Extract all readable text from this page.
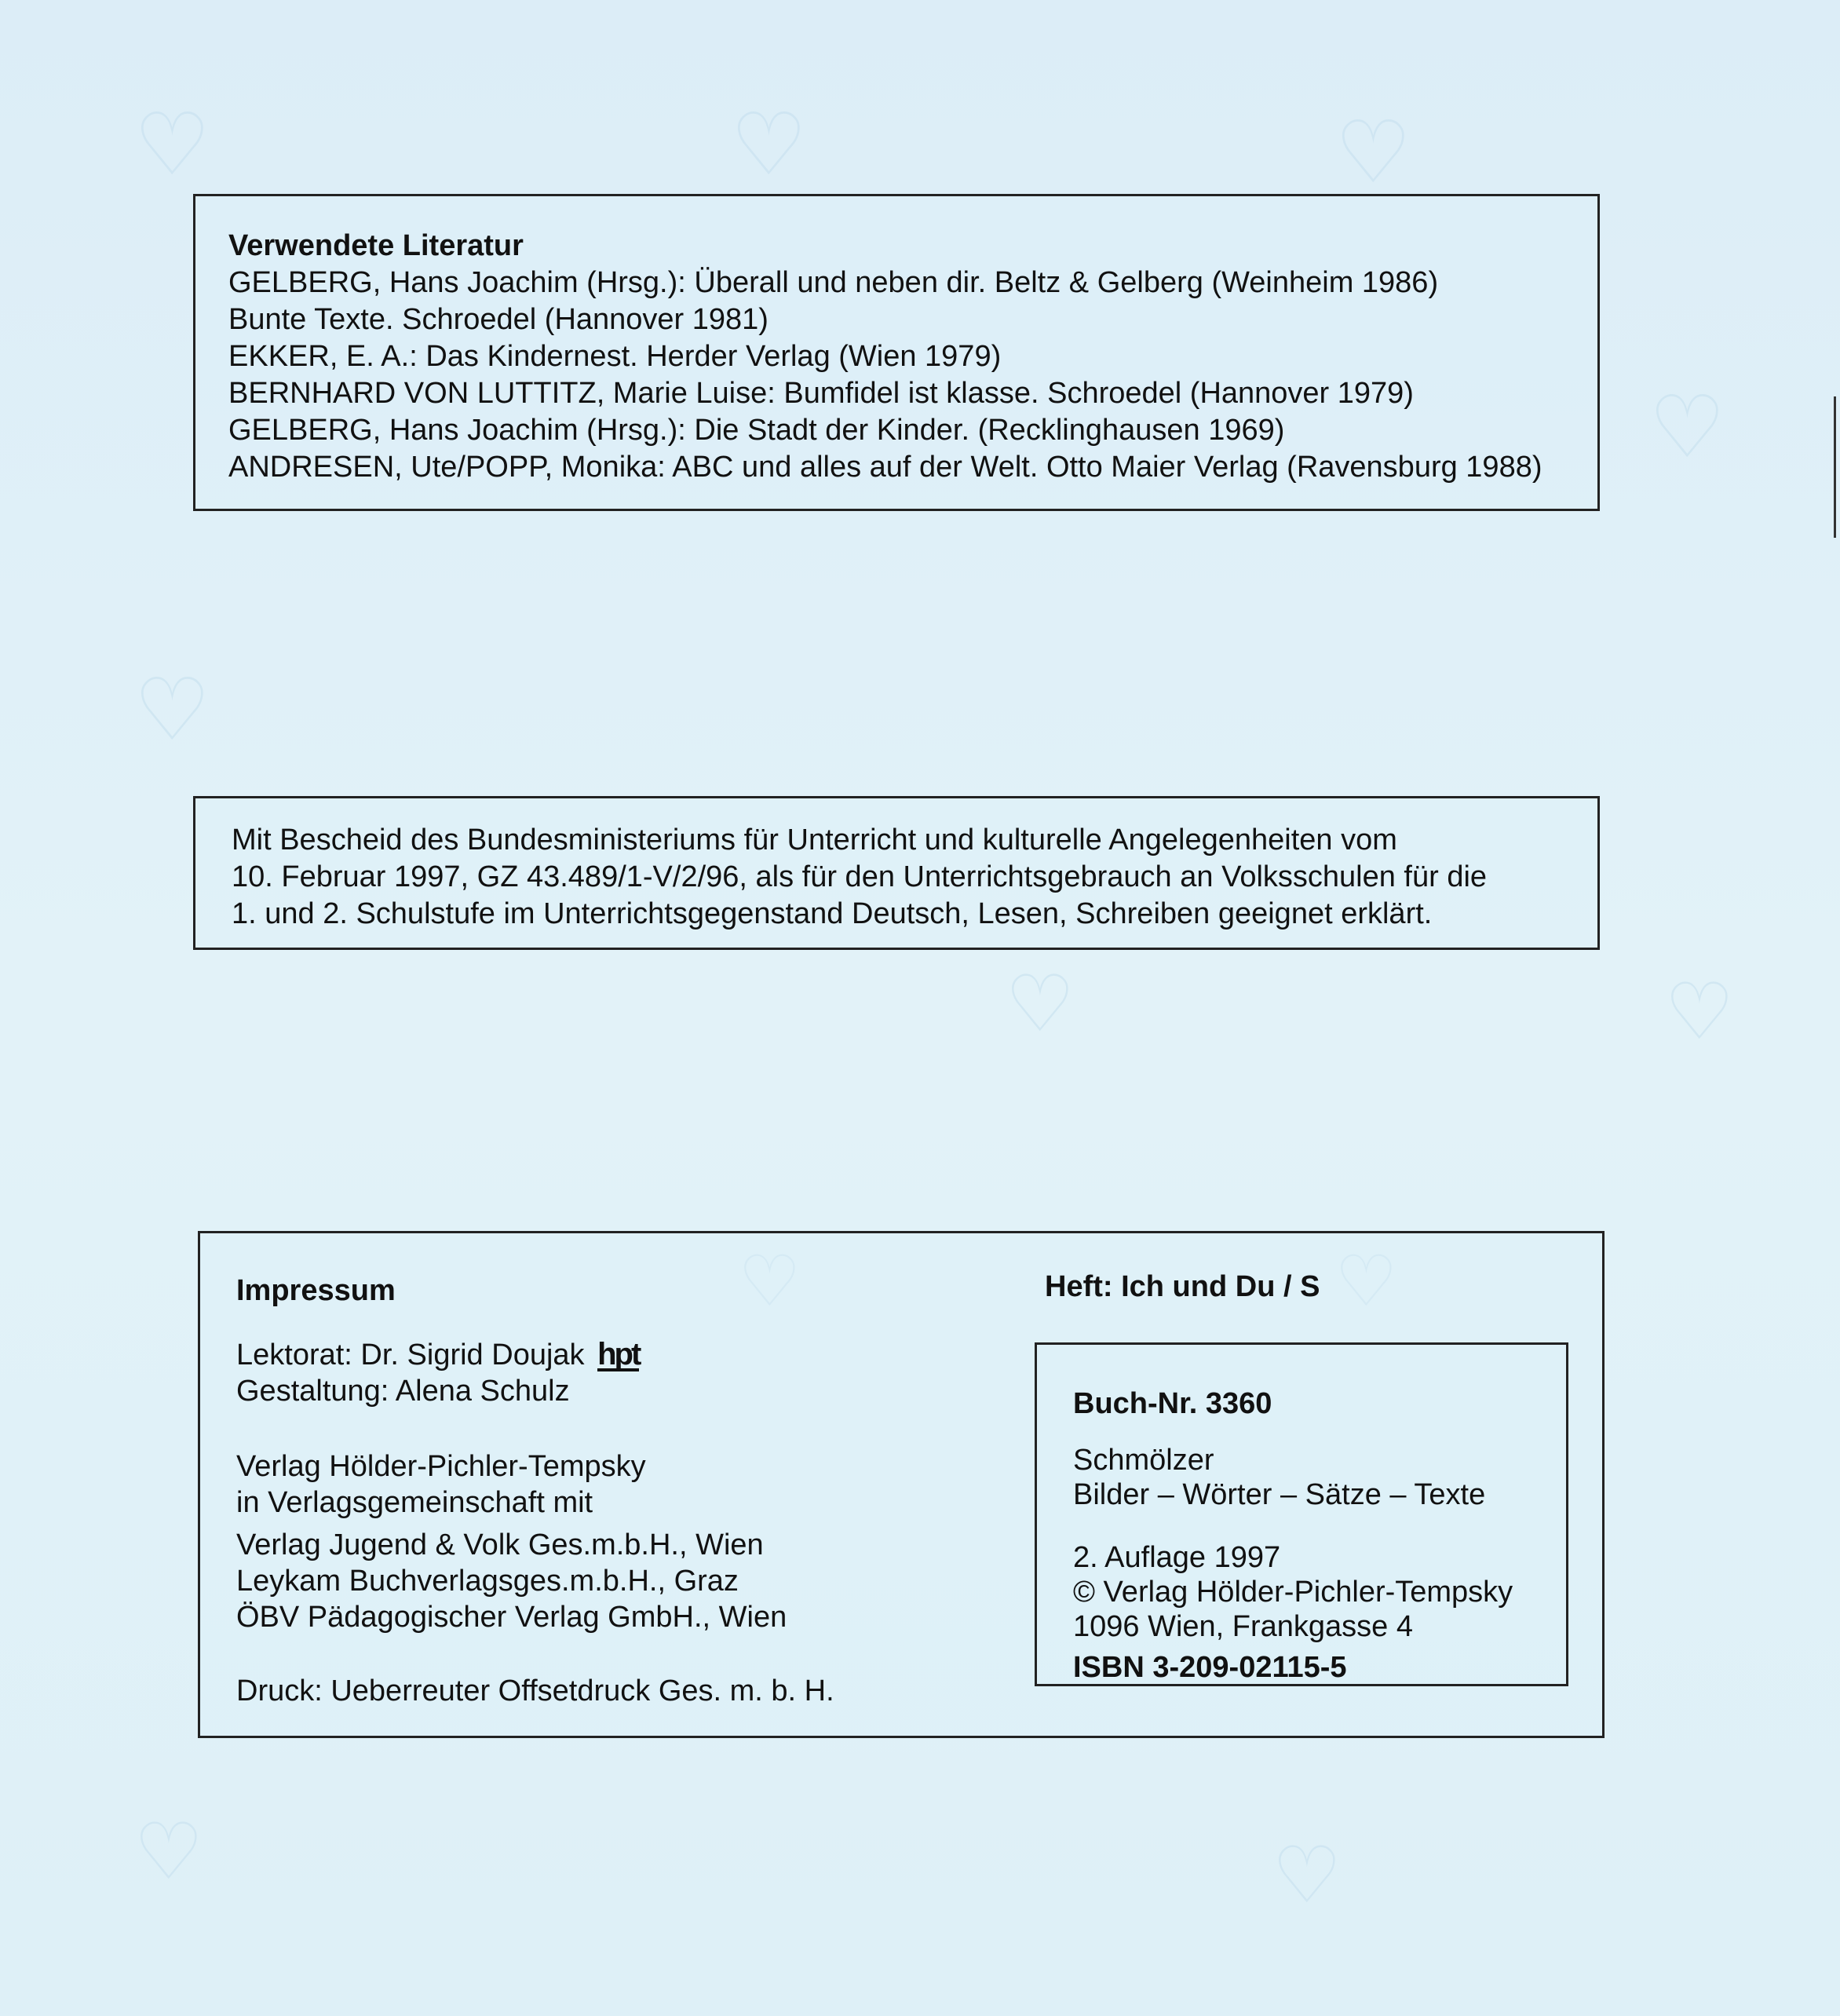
♡	♡	♡
♡
♡
♡	♡
♡	♡
♡	♡
Verwendete Literatur
GELBERG, Hans Joachim (Hrsg.): Überall und neben dir. Beltz & Gelberg (Weinheim 1986)
Bunte Texte. Schroedel (Hannover 1981)
EKKER, E. A.: Das Kindernest. Herder Verlag (Wien 1979)
BERNHARD VON LUTTITZ, Marie Luise: Bumfidel ist klasse. Schroedel (Hannover 1979)
GELBERG, Hans Joachim (Hrsg.): Die Stadt der Kinder. (Recklinghausen 1969)
ANDRESEN, Ute/POPP, Monika: ABC und alles auf der Welt. Otto Maier Verlag (Ravensburg 1988)
Mit Bescheid des Bundesministeriums für Unterricht und kulturelle Angelegenheiten vom
10. Februar 1997, GZ 43.489/1-V/2/96, als für den Unterrichtsgebrauch an Volksschulen für die
1. und 2. Schulstufe im Unterrichtsgegenstand Deutsch, Lesen, Schreiben geeignet erklärt.
Impressum
Lektorat: Dr. Sigrid Doujak hpt
Gestaltung: Alena Schulz
Verlag Hölder-Pichler-Tempsky
in Verlagsgemeinschaft mit
Verlag Jugend & Volk Ges.m.b.H., Wien
Leykam Buchverlagsges.m.b.H., Graz
ÖBV Pädagogischer Verlag GmbH., Wien
Druck: Ueberreuter Offsetdruck Ges. m. b. H.
Heft: Ich und Du / S
Buch-Nr. 3360
Schmölzer
Bilder – Wörter – Sätze – Texte
2. Auflage 1997
© Verlag Hölder-Pichler-Tempsky
1096 Wien, Frankgasse 4
ISBN 3-209-02115-5
